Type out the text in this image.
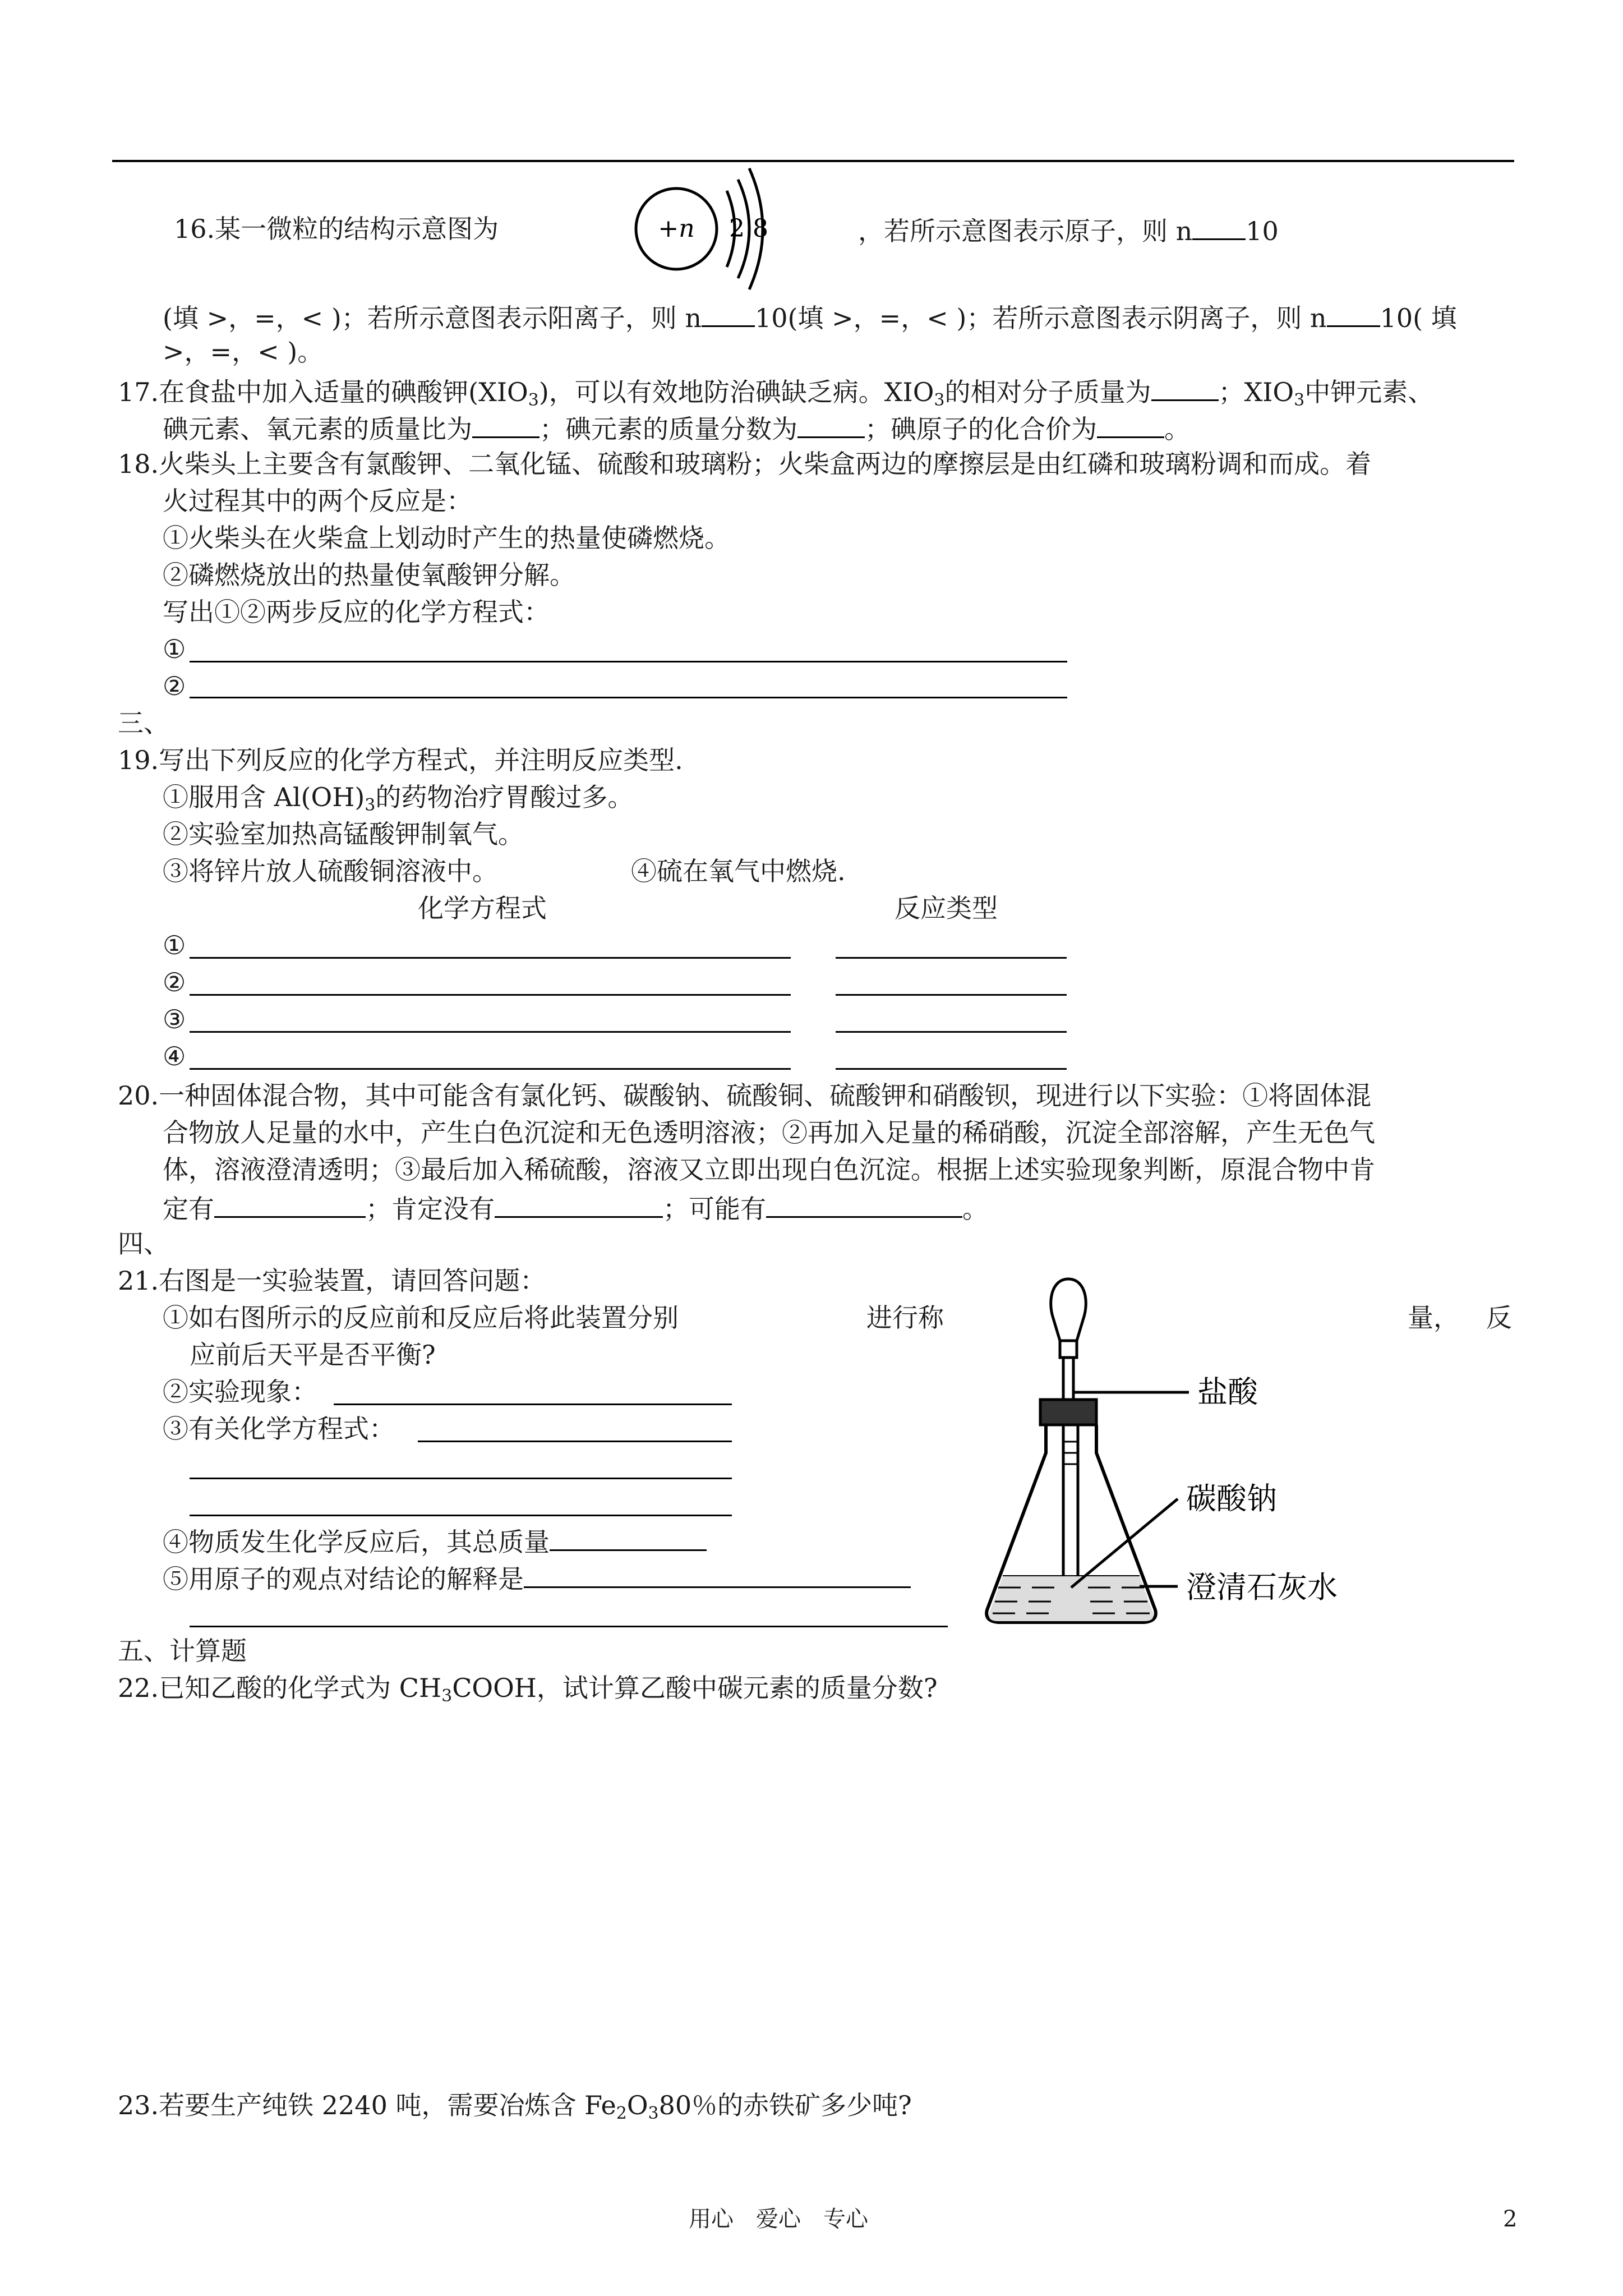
16.某一微粒的结构示意图为	+n 2 8	，若所示意图表示原子，则 n 10
(填 >，=，< )；若所示意图表示阳离子，则 n 10(填 >，=，< )；若所示意图表示阴离子，则 n 10( 填
>，=，< )。
17.在食盐中加入适量的碘酸钾$(XIO_3)$，可以有效地防治碘缺乏病。$XIO_3$的相对分子质量为	；$XIO_3$中钾元素、
碘元素、氧元素的质量比为	；碘元素的质量分数为	；碘原子的化合价为	。
18.火柴头上主要含有氯酸钾、二氧化锰、硫酸和玻璃粉；火柴盒两边的摩擦层是由红磷和玻璃粉调和而成。着
火过程其中的两个反应是：
①火柴头在火柴盒上划动时产生的热量使磷燃烧。
②磷燃烧放出的热量使氧酸钾分解。
写出①②两步反应的化学方程式：
①
②
三、
19.写出下列反应的化学方程式，并注明反应类型.
①服用含 $Al(OH)_3$的药物治疗胃酸过多。
②实验室加热高锰酸钾制氧气。
③将锌片放人硫酸铜溶液中。	④硫在氧气中燃烧.
化学方程式	反应类型
①
②
③
④
20.一种固体混合物，其中可能含有氯化钙、碳酸钠、硫酸铜、硫酸钾和硝酸钡，现进行以下实验：①将固体混
合物放人足量的水中，产生白色沉淀和无色透明溶液；②再加入足量的稀硝酸，沉淀全部溶解，产生无色气
体，溶液澄清透明；③最后加入稀硫酸，溶液又立即出现白色沉淀。根据上述实验现象判断，原混合物中肯
定有	；肯定没有	；可能有	。
四、
21.右图是一实验装置，请回答问题：
①如右图所示的反应前和反应后将此装置分别	进行称	量， 反
应前后天平是否平衡?
②实验现象：
③有关化学方程式：
④物质发生化学反应后，其总质量
⑤用原子的观点对结论的解释是
盐酸
碳酸钠
澄清石灰水
五、计算题
22.已知乙酸的化学式为 $CH_3COOH$，试计算乙酸中碳元素的质量分数?
23.若要生产纯铁 2240 吨，需要冶炼含 $Fe_2O_380$％的赤铁矿多少吨?
用心　爱心　专心	2
